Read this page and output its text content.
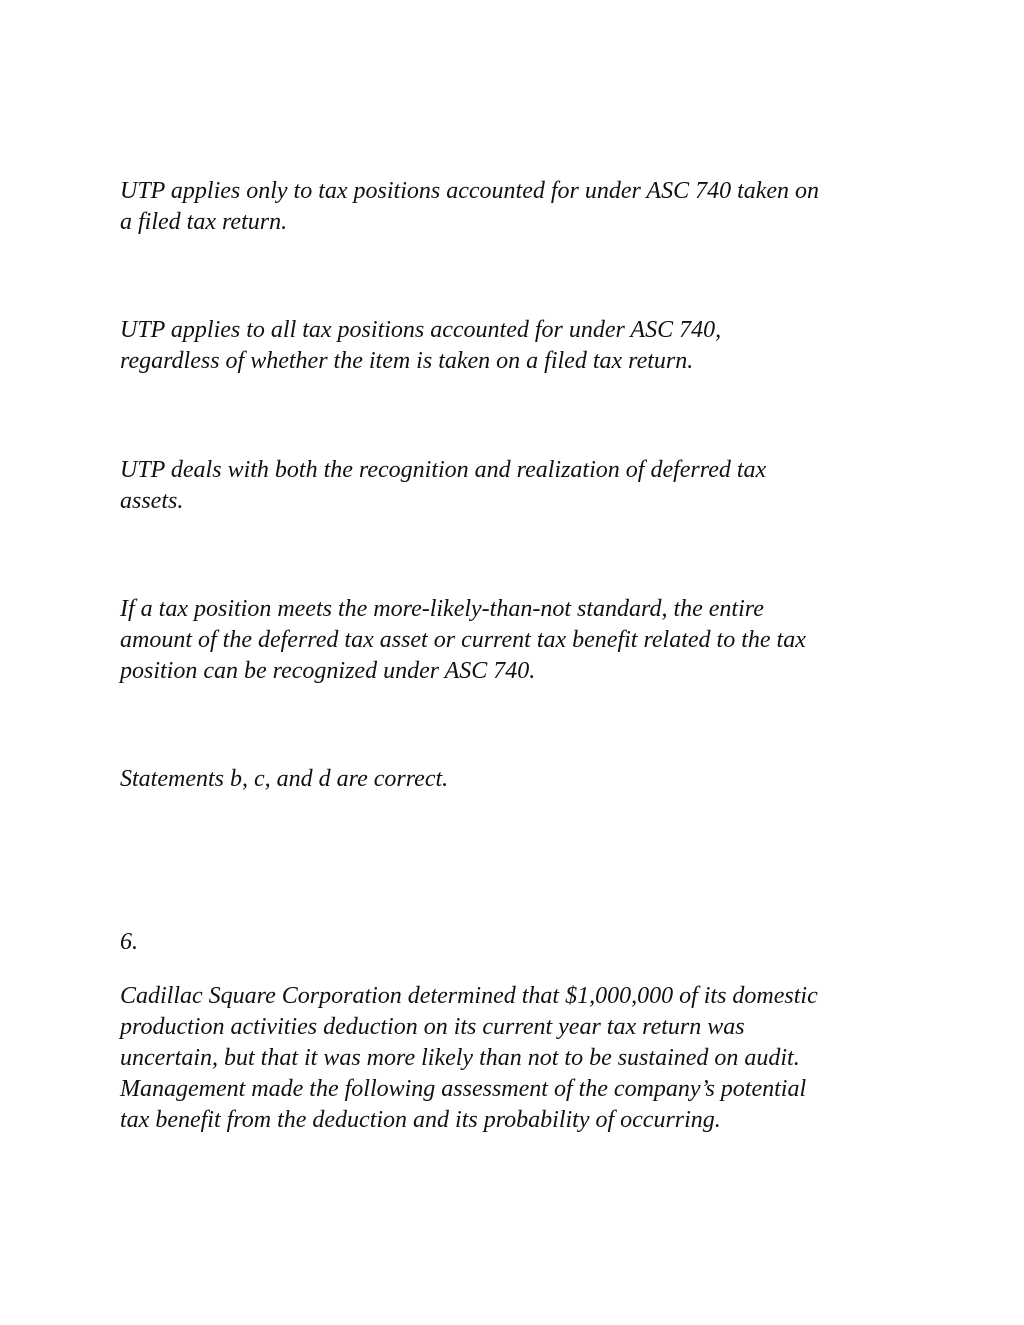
UTP applies only to tax positions accounted for under ASC 740 taken on

a filed tax return.

UTP applies to all tax positions accounted for under ASC 740,

regardless of whether the item is taken on a filed tax return.

UTP deals with both the recognition and realization of deferred tax

assets.

If a tax position meets the more-likely-than-not standard, the entire

amount of the deferred tax asset or current tax benefit related to the tax

position can be recognized under ASC 740.

Statements b, c, and d are correct.

6.

Cadillac Square Corporation determined that $1,000,000 of its domestic

production activities deduction on its current year tax return was

uncertain, but that it was more likely than not to be sustained on audit.

Management made the following assessment of the company’s potential

tax benefit from the deduction and its probability of occurring.
